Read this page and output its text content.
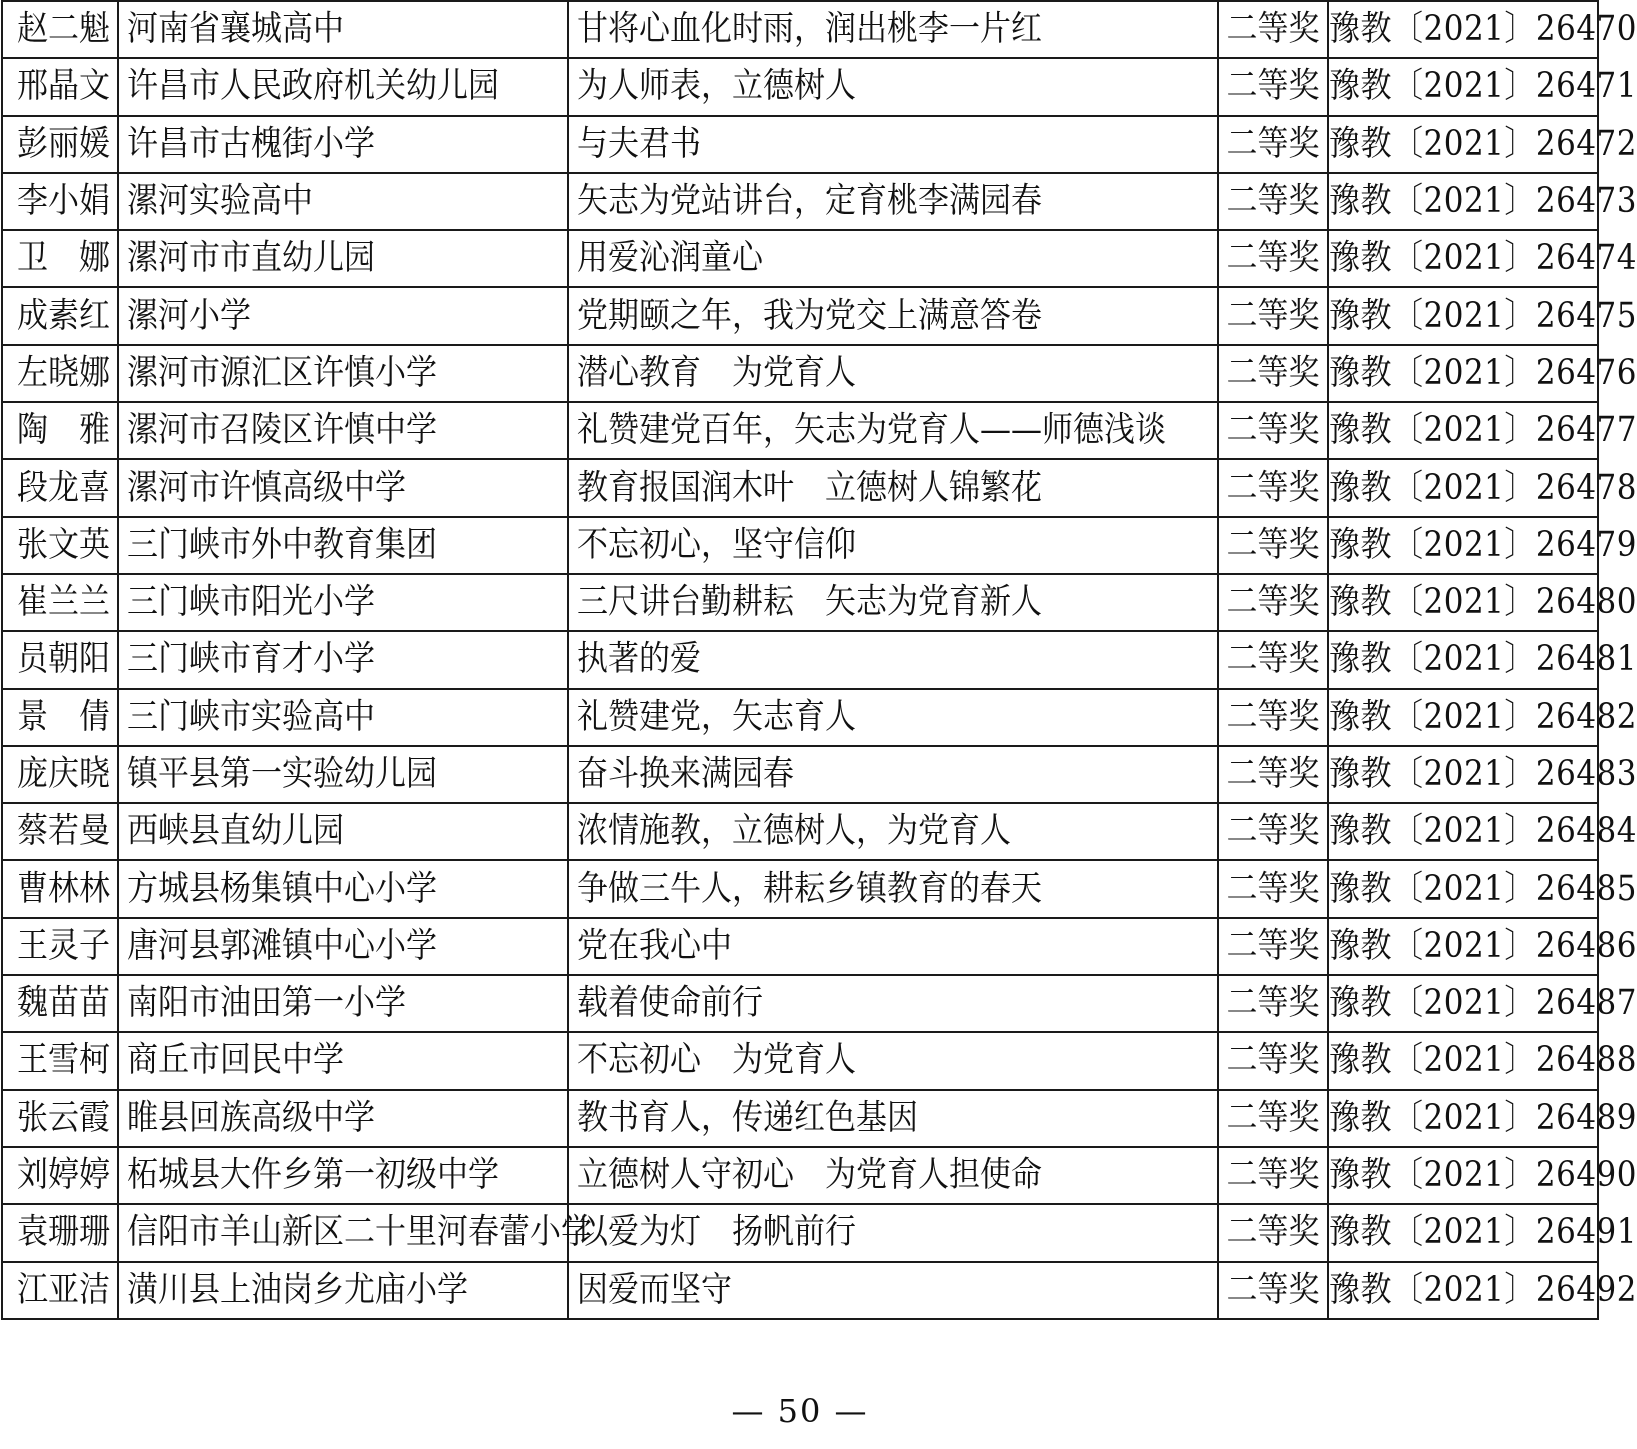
赵二魁	河南省襄城高中	甘将心血化时雨，润出桃李一片红	二等奖	豫教〔2021〕26470
邢晶文	许昌市人民政府机关幼儿园	为人师表，立德树人	二等奖	豫教〔2021〕26471
彭丽媛	许昌市古槐街小学	与夫君书	二等奖	豫教〔2021〕26472
李小娟	漯河实验高中	矢志为党站讲台，定育桃李满园春	二等奖	豫教〔2021〕26473
卫　娜	漯河市市直幼儿园	用爱沁润童心	二等奖	豫教〔2021〕26474
成素红	漯河小学	党期颐之年，我为党交上满意答卷	二等奖	豫教〔2021〕26475
左晓娜	漯河市源汇区许慎小学	潜心教育　为党育人	二等奖	豫教〔2021〕26476
陶　雅	漯河市召陵区许慎中学	礼赞建党百年，矢志为党育人——师德浅谈	二等奖	豫教〔2021〕26477
段龙喜	漯河市许慎高级中学	教育报国润木叶　立德树人锦繁花	二等奖	豫教〔2021〕26478
张文英	三门峡市外中教育集团	不忘初心，坚守信仰	二等奖	豫教〔2021〕26479
崔兰兰	三门峡市阳光小学	三尺讲台勤耕耘　矢志为党育新人	二等奖	豫教〔2021〕26480
员朝阳	三门峡市育才小学	执著的爱	二等奖	豫教〔2021〕26481
景　倩	三门峡市实验高中	礼赞建党，矢志育人	二等奖	豫教〔2021〕26482
庞庆晓	镇平县第一实验幼儿园	奋斗换来满园春	二等奖	豫教〔2021〕26483
蔡若曼	西峡县直幼儿园	浓情施教，立德树人，为党育人	二等奖	豫教〔2021〕26484
曹林林	方城县杨集镇中心小学	争做三牛人，耕耘乡镇教育的春天	二等奖	豫教〔2021〕26485
王灵子	唐河县郭滩镇中心小学	党在我心中	二等奖	豫教〔2021〕26486
魏苗苗	南阳市油田第一小学	载着使命前行	二等奖	豫教〔2021〕26487
王雪柯	商丘市回民中学	不忘初心　为党育人	二等奖	豫教〔2021〕26488
张云霞	睢县回族高级中学	教书育人，传递红色基因	二等奖	豫教〔2021〕26489
刘婷婷	柘城县大仵乡第一初级中学	立德树人守初心　为党育人担使命	二等奖	豫教〔2021〕26490
袁珊珊	信阳市羊山新区二十里河春蕾小学	以爱为灯　扬帆前行	二等奖	豫教〔2021〕26491
江亚洁	潢川县上油岗乡尤庙小学	因爱而坚守	二等奖	豫教〔2021〕26492
— 50 —
